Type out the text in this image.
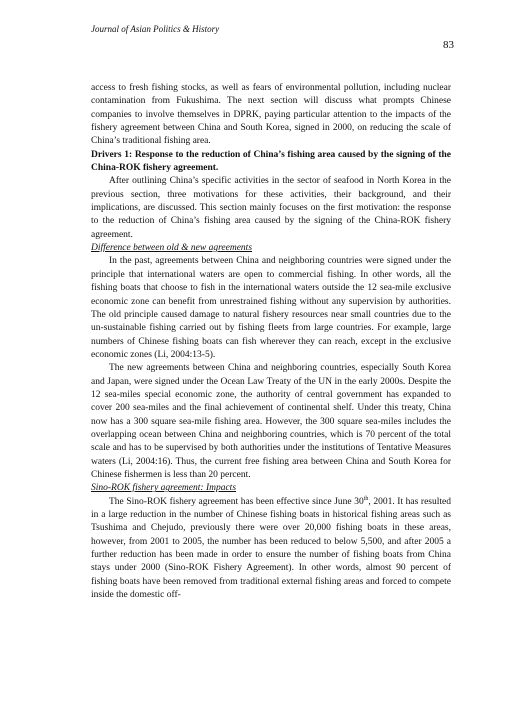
Journal of Asian Politics & History
83

access to fresh fishing stocks, as well as fears of environmental pollution, including nuclear contamination from Fukushima. The next section will discuss what prompts Chinese companies to involve themselves in DPRK, paying particular attention to the impacts of the fishery agreement between China and South Korea, signed in 2000, on reducing the scale of China’s traditional fishing area.

Drivers 1: Response to the reduction of China’s fishing area caused by the signing of the China-ROK fishery agreement.

After outlining China’s specific activities in the sector of seafood in North Korea in the previous section, three motivations for these activities, their background, and their implications, are discussed. This section mainly focuses on the first motivation: the response to the reduction of China’s fishing area caused by the signing of the China-ROK fishery agreement.

Difference between old & new agreements

In the past, agreements between China and neighboring countries were signed under the principle that international waters are open to commercial fishing. In other words, all the fishing boats that choose to fish in the international waters outside the 12 sea-mile exclusive economic zone can benefit from unrestrained fishing without any supervision by authorities. The old principle caused damage to natural fishery resources near small countries due to the un-sustainable fishing carried out by fishing fleets from large countries. For example, large numbers of Chinese fishing boats can fish wherever they can reach, except in the exclusive economic zones (Li, 2004:13-5).

The new agreements between China and neighboring countries, especially South Korea and Japan, were signed under the Ocean Law Treaty of the UN in the early 2000s. Despite the 12 sea-miles special economic zone, the authority of central government has expanded to cover 200 sea-miles and the final achievement of continental shelf. Under this treaty, China now has a 300 square sea-mile fishing area. However, the 300 square sea-miles includes the overlapping ocean between China and neighboring countries, which is 70 percent of the total scale and has to be supervised by both authorities under the institutions of Tentative Measures waters (Li, 2004:16). Thus, the current free fishing area between China and South Korea for Chinese fishermen is less than 20 percent.

Sino-ROK fishery agreement: Impacts

The Sino-ROK fishery agreement has been effective since June 30th, 2001. It has resulted in a large reduction in the number of Chinese fishing boats in historical fishing areas such as Tsushima and Chejudo, previously there were over 20,000 fishing boats in these areas, however, from 2001 to 2005, the number has been reduced to below 5,500, and after 2005 a further reduction has been made in order to ensure the number of fishing boats from China stays under 2000 (Sino-ROK Fishery Agreement). In other words, almost 90 percent of fishing boats have been removed from traditional external fishing areas and forced to compete inside the domestic off-
